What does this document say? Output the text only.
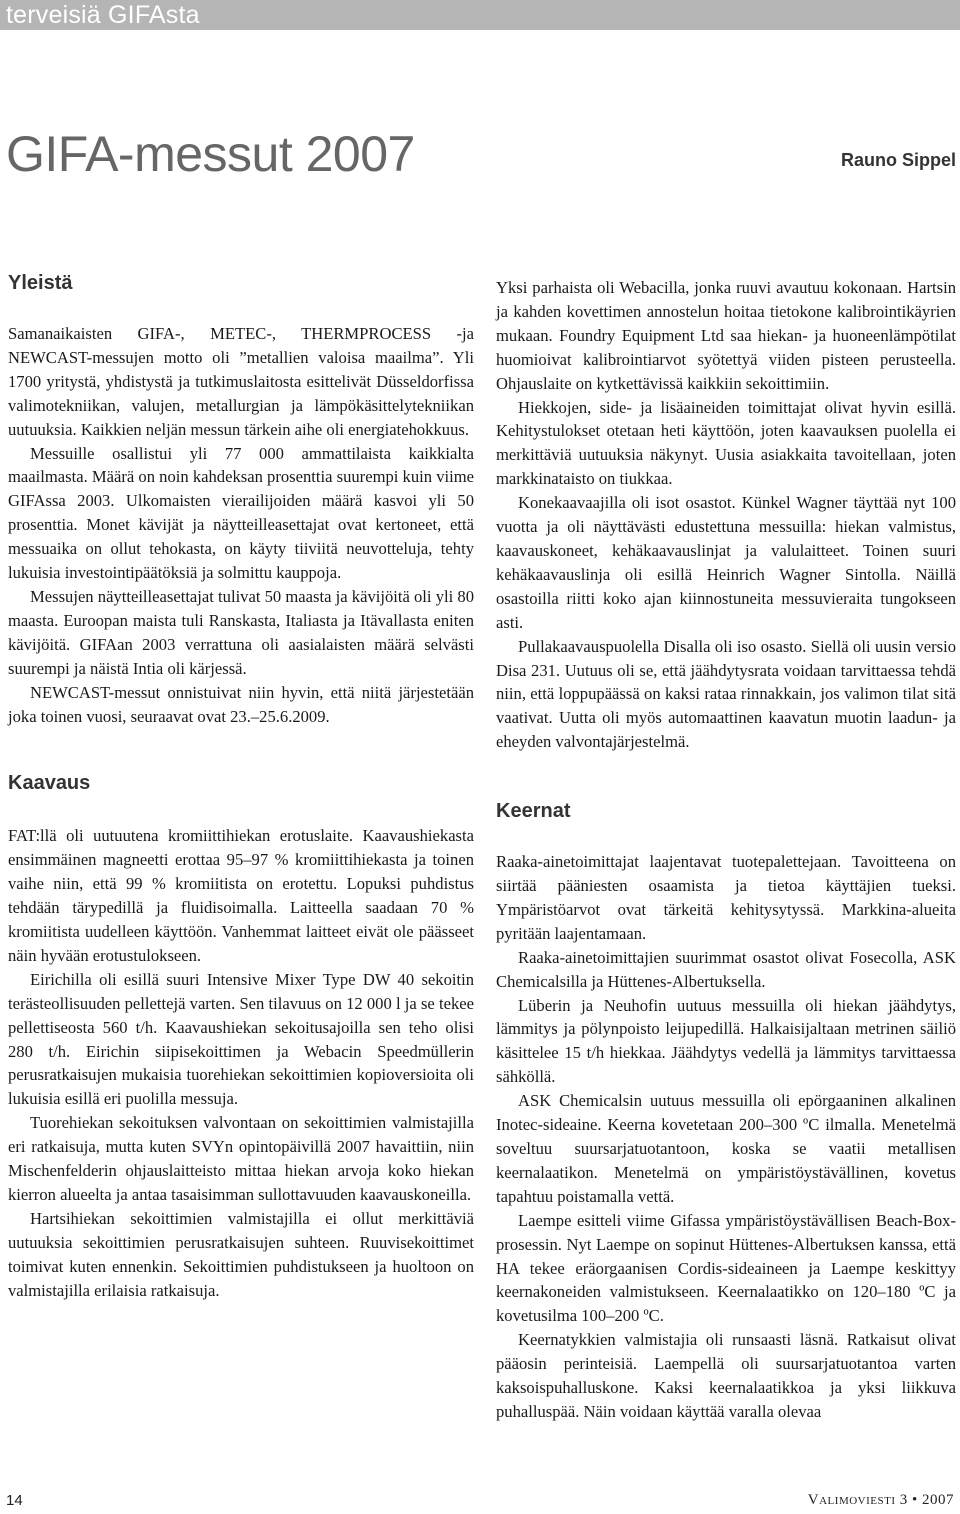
terveisiä GIFAsta
GIFA-messut 2007	Rauno Sippel

Yleistä

Samanaikaisten GIFA-, METEC-, THERMPROCESS -ja NEWCAST-messujen motto oli ”metallien valoisa maailma”. Yli 1700 yritystä, yhdistystä ja tutkimuslaitosta esittelivät Düsseldorfissa valimotekniikan, valujen, metallurgian ja lämpökäsittelytekniikan uutuuksia. Kaikkien neljän messun tärkein aihe oli energiatehokkuus.

Messuille osallistui yli 77 000 ammattilaista kaikkialta maailmasta. Määrä on noin kahdeksan prosenttia suurempi kuin viime GIFAssa 2003. Ulkomaisten vierailijoiden määrä kasvoi yli 50 prosenttia. Monet kävijät ja näytteilleasettajat ovat kertoneet, että messuaika on ollut tehokasta, on käyty tiiviitä neuvotteluja, tehty lukuisia investointipäätöksiä ja solmittu kauppoja.

Messujen näytteilleasettajat tulivat 50 maasta ja kävijöitä oli yli 80 maasta. Euroopan maista tuli Ranskasta, Italiasta ja Itävallasta eniten kävijöitä. GIFAan 2003 verrattuna oli aasialaisten määrä selvästi suurempi ja näistä Intia oli kärjessä.

NEWCAST-messut onnistuivat niin hyvin, että niitä järjestetään joka toinen vuosi, seuraavat ovat 23.–25.6.2009.

Kaavaus

FAT:llä oli uutuutena kromiittihiekan erotuslaite. Kaavaushiekasta ensimmäinen magneetti erottaa 95–97 % kromiittihiekasta ja toinen vaihe niin, että 99 % kromiitista on erotettu. Lopuksi puhdistus tehdään tärypedillä ja fluidisoimalla. Laitteella saadaan 70 % kromiitista uudelleen käyttöön. Vanhemmat laitteet eivät ole päässeet näin hyvään erotustulokseen.

Eirichilla oli esillä suuri Intensive Mixer Type DW 40 sekoitin terästeollisuuden pellettejä varten. Sen tilavuus on 12 000 l ja se tekee pellettiseosta 560 t/h. Kaavaushiekan sekoitusajoilla sen teho olisi 280 t/h. Eirichin siipisekoittimen ja Webacin Speedmüllerin perusratkaisujen mukaisia tuorehiekan sekoittimien kopioversioita oli lukuisia esillä eri puolilla messuja.

Tuorehiekan sekoituksen valvontaan on sekoittimien valmistajilla eri ratkaisuja, mutta kuten SVYn opintopäivillä 2007 havaittiin, niin Mischenfelderin ohjauslaitteisto mittaa hiekan arvoja koko hiekan kierron alueelta ja antaa tasaisimman sullottavuuden kaavauskoneilla.

Hartsihiekan sekoittimien valmistajilla ei ollut merkittäviä uutuuksia sekoittimien perusratkaisujen suhteen. Ruuvisekoittimet toimivat kuten ennenkin. Sekoittimien puhdistukseen ja huoltoon on valmistajilla erilaisia ratkaisuja.

Yksi parhaista oli Webacilla, jonka ruuvi avautuu kokonaan. Hartsin ja kahden kovettimen annostelun hoitaa tietokone kalibrointikäyrien mukaan. Foundry Equipment Ltd saa hiekan- ja huoneenlämpötilat huomioivat kalibrointiarvot syötettyä viiden pisteen perusteella. Ohjauslaite on kytkettävissä kaikkiin sekoittimiin.

Hiekkojen, side- ja lisäaineiden toimittajat olivat hyvin esillä. Kehitystulokset otetaan heti käyttöön, joten kaavauksen puolella ei merkittäviä uutuuksia näkynyt. Uusia asiakkaita tavoitellaan, joten markkinataisto on tiukkaa.

Konekaavaajilla oli isot osastot. Künkel Wagner täyttää nyt 100 vuotta ja oli näyttävästi edustettuna messuilla: hiekan valmistus, kaavauskoneet, kehäkaavauslinjat ja valulaitteet. Toinen suuri kehäkaavauslinja oli esillä Heinrich Wagner Sintolla. Näillä osastoilla riitti koko ajan kiinnostuneita messuvieraita tungokseen asti.

Pullakaavauspuolella Disalla oli iso osasto. Siellä oli uusin versio Disa 231. Uutuus oli se, että jäähdytysrata voidaan tarvittaessa tehdä niin, että loppupäässä on kaksi rataa rinnakkain, jos valimon tilat sitä vaativat. Uutta oli myös automaattinen kaavatun muotin laadun- ja eheyden valvontajärjestelmä.

Keernat

Raaka-ainetoimittajat laajentavat tuotepalettejaan. Tavoitteena on siirtää pääniesten osaamista ja tietoa käyttäjien tueksi. Ympäristöarvot ovat tärkeitä kehitysytyssä. Markkina-alueita pyritään laajentamaan.

Raaka-ainetoimittajien suurimmat osastot olivat Fosecolla, ASK Chemicalsilla ja Hüttenes-Albertuksella.

Lüberin ja Neuhofin uutuus messuilla oli hiekan jäähdytys, lämmitys ja pölynpoisto leijupedillä. Halkaisijaltaan metrinen säiliö käsittelee 15 t/h hiekkaa. Jäähdytys vedellä ja lämmitys tarvittaessa sähköllä.

ASK Chemicalsin uutuus messuilla oli epörgaaninen alkalinen Inotec-sideaine. Keerna kovetetaan 200–300 ºC ilmalla. Menetelmä soveltuu suursarjatuotantoon, koska se vaatii metallisen keernalaatikon. Menetelmä on ympäristöystävällinen, kovetus tapahtuu poistamalla vettä.

Laempe esitteli viime Gifassa ympäristöystävällisen Beach-Box-prosessin. Nyt Laempe on sopinut Hüttenes-Albertuksen kanssa, että HA tekee eräorgaanisen Cordis-sideaineen ja Laempe keskittyy keernakoneiden valmistukseen. Keernalaatikko on 120–180 ºC ja kovetusilma 100–200 ºC.

Keernatykkien valmistajia oli runsaasti läsnä. Ratkaisut olivat pääosin perinteisiä. Laempellä oli suursarjatuotantoa varten kaksoispuhalluskone. Kaksi keernalaatikkoa ja yksi liikkuva puhalluspää. Näin voidaan käyttää varalla olevaa

14	Valimoviesti 3 • 2007
